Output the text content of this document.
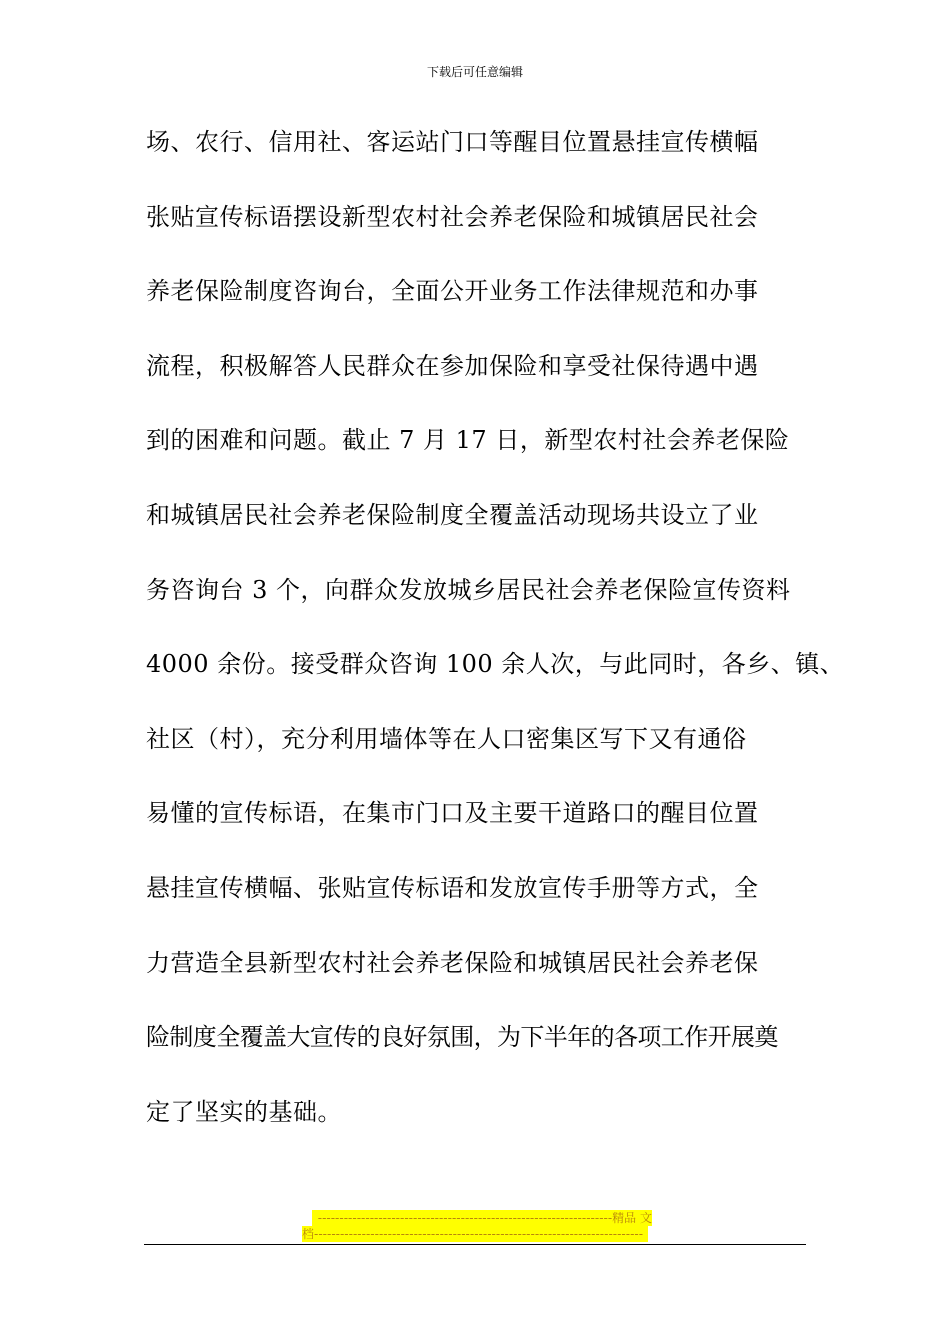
下载后可任意编辑
场、农行、信用社、客运站门口等醒目位置悬挂宣传横幅
张贴宣传标语摆设新型农村社会养老保险和城镇居民社会
养老保险制度咨询台，全面公开业务工作法律规范和办事
流程，积极解答人民群众在参加保险和享受社保待遇中遇
到的困难和问题。截止 7 月 17 日，新型农村社会养老保险
和城镇居民社会养老保险制度全覆盖活动现场共设立了业
务咨询台 3 个，向群众发放城乡居民社会养老保险宣传资料
4000 余份。接受群众咨询 100 余人次，与此同时，各乡、镇、
社区（村），充分利用墙体等在人口密集区写下又有通俗
易懂的宣传标语，在集市门口及主要干道路口的醒目位置
悬挂宣传横幅、张贴宣传标语和发放宣传手册等方式，全
力营造全县新型农村社会养老保险和城镇居民社会养老保
险制度全覆盖大宣传的良好氛围，为下半年的各项工作开展奠
定了坚实的基础。
--------------------------------------------------------------------精品 文
档----------------------------------------------------------------------------
